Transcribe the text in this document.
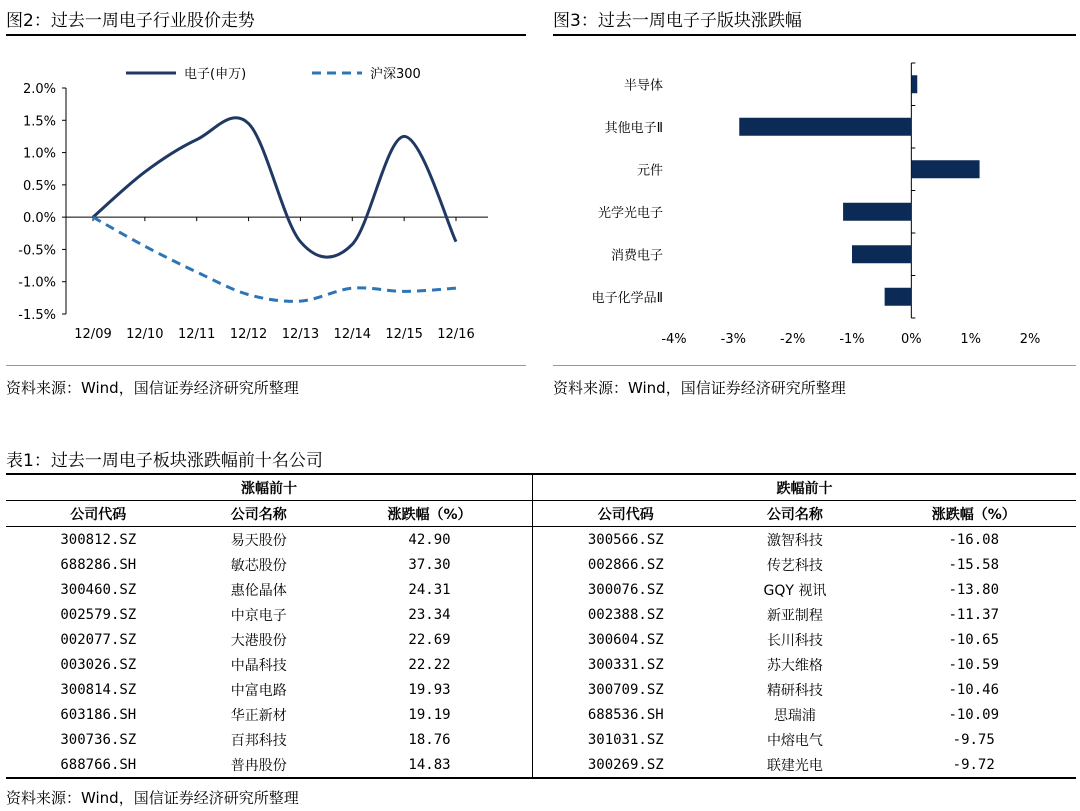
图2：过去一周电子行业股价走势
2.0%
1.5%
1.0%
0.5%
0.0%
-0.5%
-1.0%
-1.5%
12/09 12/10 12/11 12/12 12/13 12/14 12/15 12/16
电子(申万)	沪深300
资料来源：Wind，国信证券经济研究所整理
图3：过去一周电子子版块涨跌幅
半导体
其他电子Ⅱ
元件
光学光电子
消费电子
电子化学品Ⅱ
-4%	-3%	-2%	-1%	0%	1%	2%
资料来源：Wind，国信证券经济研究所整理
表1：过去一周电子板块涨跌幅前十名公司
涨幅前十			跌幅前十		
公司代码	公司名称	涨跌幅（%）	公司代码	公司名称	涨跌幅（%）
300812.SZ	易天股份	42.90	300566.SZ	激智科技	-16.08
688286.SH	敏芯股份	37.30	002866.SZ	传艺科技	-15.58
300460.SZ	惠伦晶体	24.31	300076.SZ	GQY 视讯	-13.80
002579.SZ	中京电子	23.34	002388.SZ	新亚制程	-11.37
002077.SZ	大港股份	22.69	300604.SZ	长川科技	-10.65
003026.SZ	中晶科技	22.22	300331.SZ	苏大维格	-10.59
300814.SZ	中富电路	19.93	300709.SZ	精研科技	-10.46
603186.SH	华正新材	19.19	688536.SH	思瑞浦	-10.09
300736.SZ	百邦科技	18.76	301031.SZ	中熔电气	-9.75
688766.SH	普冉股份	14.83	300269.SZ	联建光电	-9.72
资料来源：Wind，国信证券经济研究所整理
